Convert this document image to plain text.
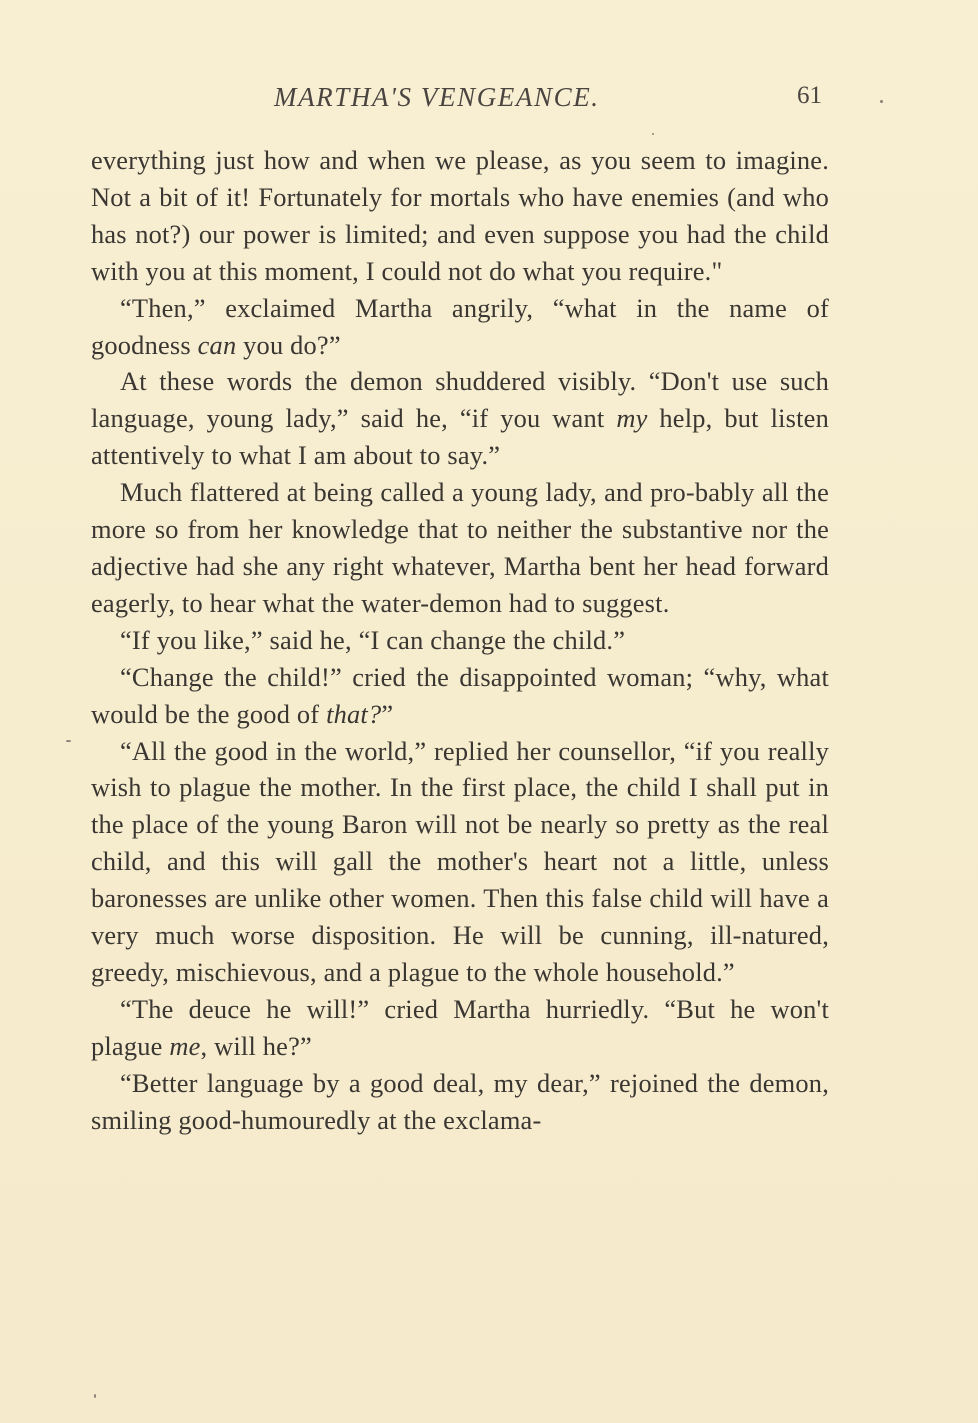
MARTHA'S VENGEANCE.	61

everything just how and when we please, as you seem to imagine. Not a bit of it! Fortunately for mortals who have enemies (and who has not?) our power is limited; and even suppose you had the child with you at this moment, I could not do what you require."

“Then,” exclaimed Martha angrily, “what in the name of goodness can you do?”

At these words the demon shuddered visibly. “Don't use such language, young lady,” said he, “if you want my help, but listen attentively to what I am about to say.”

Much flattered at being called a young lady, and pro-bably all the more so from her knowledge that to neither the substantive nor the adjective had she any right whatever, Martha bent her head forward eagerly, to hear what the water-demon had to suggest.

“If you like,” said he, “I can change the child.”

“Change the child!” cried the disappointed woman; “why, what would be the good of that?”

“All the good in the world,” replied her counsellor, “if you really wish to plague the mother. In the first place, the child I shall put in the place of the young Baron will not be nearly so pretty as the real child, and this will gall the mother's heart not a little, unless baronesses are unlike other women. Then this false child will have a very much worse disposition. He will be cunning, ill-natured, greedy, mischievous, and a plague to the whole household.”

“The deuce he will!” cried Martha hurriedly. “But he won't plague me, will he?”

“Better language by a good deal, my dear,” rejoined the demon, smiling good-humouredly at the exclama-
